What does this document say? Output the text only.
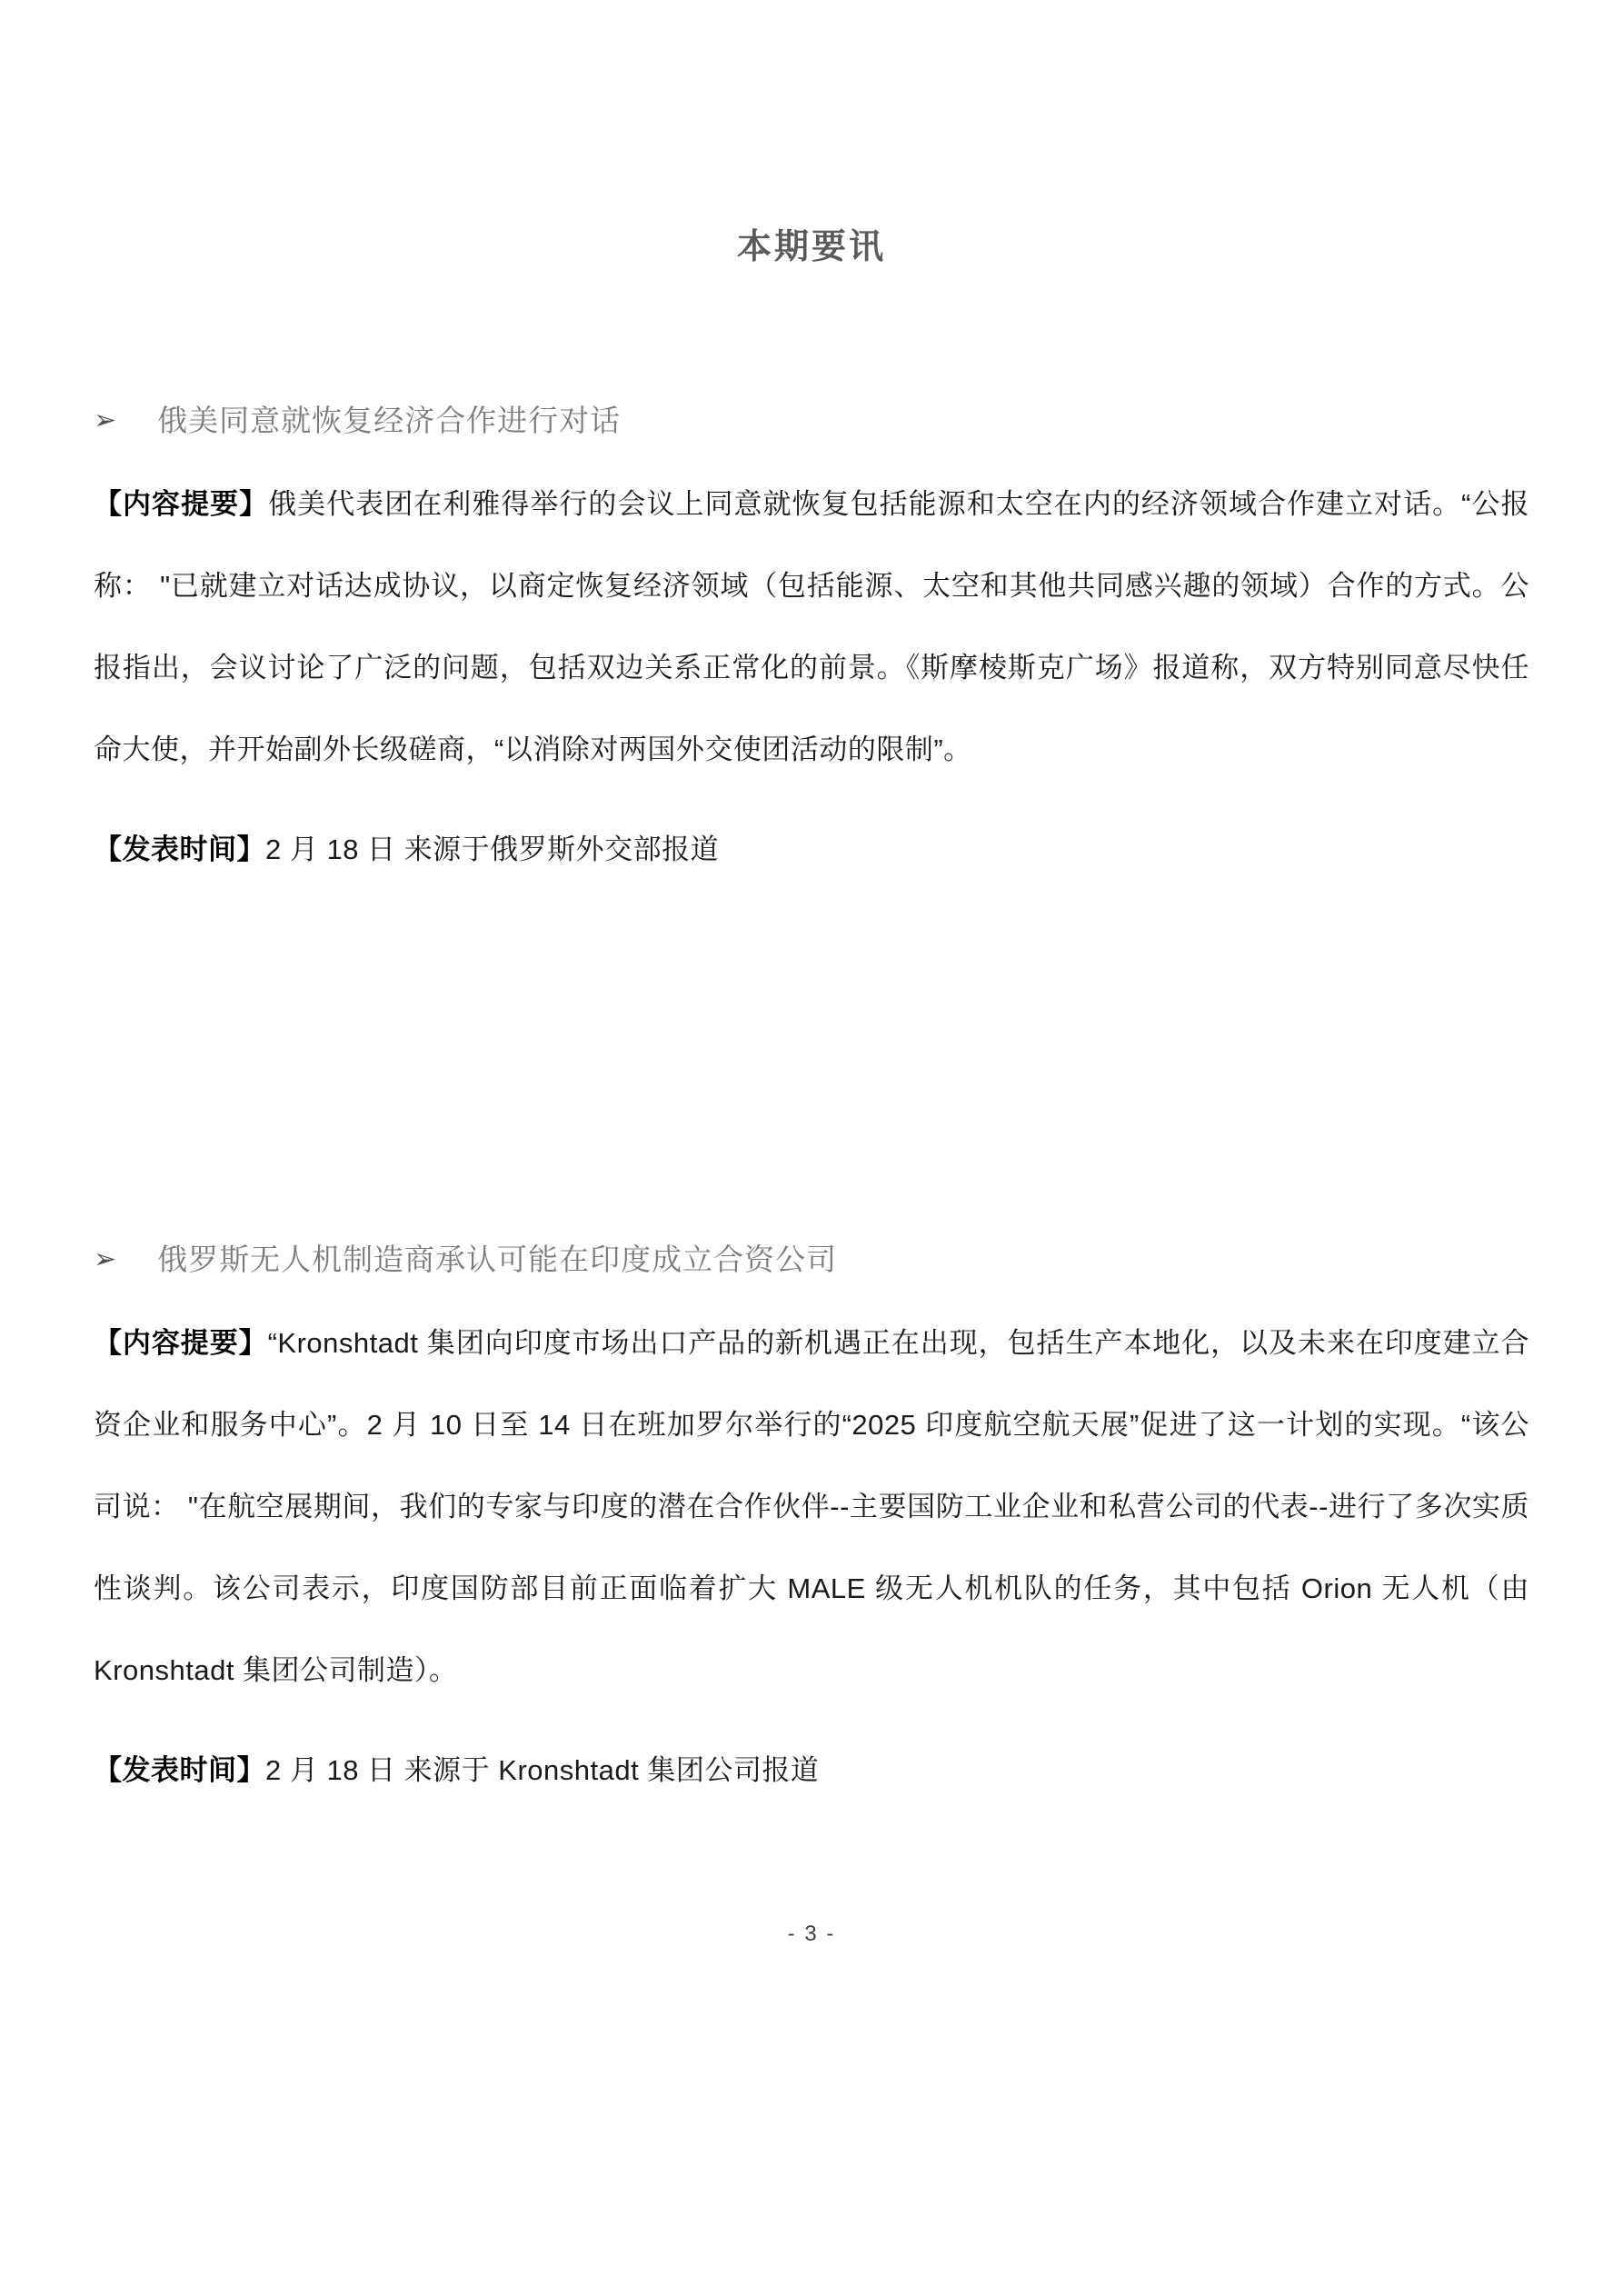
本期要讯
➢ 俄美同意就恢复经济合作进行对话

【内容提要】俄美代表团在利雅得举行的会议上同意就恢复包括能源和太空在内的经济领域合作建立对话。“公报称： "已就建立对话达成协议，以商定恢复经济领域（包括能源、太空和其他共同感兴趣的领域）合作的方式。公报指出，会议讨论了广泛的问题，包括双边关系正常化的前景。《斯摩棱斯克广场》报道称，双方特别同意尽快任命大使，并开始副外长级磋商，“以消除对两国外交使团活动的限制”。

【发表时间】2 月 18 日 来源于俄罗斯外交部报道

➢ 俄罗斯无人机制造商承认可能在印度成立合资公司

【内容提要】“Kronshtadt 集团向印度市场出口产品的新机遇正在出现，包括生产本地化，以及未来在印度建立合资企业和服务中心”。2 月 10 日至 14 日在班加罗尔举行的“2025 印度航空航天展”促进了这一计划的实现。“该公司说： "在航空展期间，我们的专家与印度的潜在合作伙伴--主要国防工业企业和私营公司的代表--进行了多次实质性谈判。该公司表示，印度国防部目前正面临着扩大 MALE 级无人机机队的任务，其中包括 Orion 无人机（由 Kronshtadt 集团公司制造）。

【发表时间】2 月 18 日 来源于 Kronshtadt 集团公司报道

- 3 -
